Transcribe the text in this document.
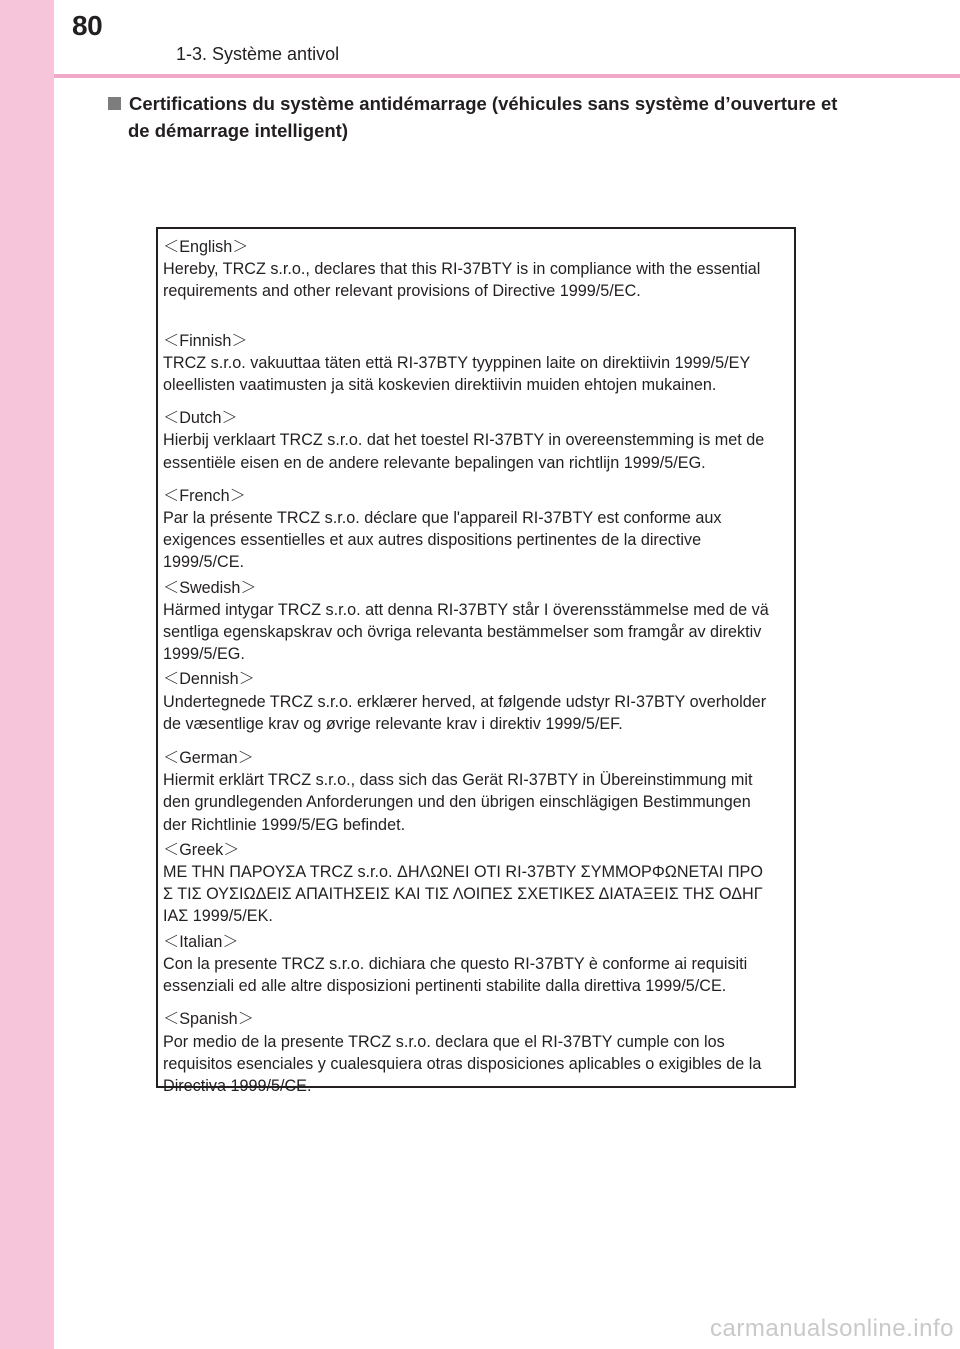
80
1-3. Système antivol
Certifications du système antidémarrage (véhicules sans système d’ouverture et
de démarrage intelligent)
＜ English ＞
Hereby, TRCZ s.r.o., declares that this RI-37BTY is in compliance with the essential
requirements and other relevant provisions of Directive 1999/5/EC.
＜ Finnish ＞
TRCZ s.r.o. vakuuttaa täten että RI-37BTY tyyppinen laite on direktiivin 1999/5/EY
oleellisten vaatimusten ja sitä koskevien direktiivin muiden ehtojen mukainen.
＜ Dutch ＞
Hierbij verklaart TRCZ s.r.o. dat het toestel RI-37BTY in overeenstemming is met de
essentiële eisen en de andere relevante bepalingen van richtlijn 1999/5/EG.
＜ French ＞
Par la présente TRCZ s.r.o. déclare que l'appareil RI-37BTY est conforme aux
exigences essentielles et aux autres dispositions pertinentes de la directive
1999/5/CE.
＜ Swedish ＞
Härmed intygar TRCZ s.r.o. att denna RI-37BTY står I överensstämmelse med de vä
sentliga egenskapskrav och övriga relevanta bestämmelser som framgår av direktiv
1999/5/EG.
＜ Dennish ＞
Undertegnede TRCZ s.r.o. erklærer herved, at følgende udstyr RI-37BTY overholder
de væsentlige krav og øvrige relevante krav i direktiv 1999/5/EF.
＜ German ＞
Hiermit erklärt TRCZ s.r.o., dass sich das Gerät RI-37BTY in Übereinstimmung mit
den grundlegenden Anforderungen und den übrigen einschlägigen Bestimmungen
der Richtlinie 1999/5/EG befindet.
＜ Greek ＞
ΜΕ ΤΗΝ ΠΑΡΟΥΣΑ TRCZ s.r.o. ΔΗΛΩΝΕΙ ΟΤΙ RI-37BTY ΣΥΜΜΟΡΦΩΝΕΤΑΙ ΠΡΟ
Σ ΤΙΣ ΟΥΣΙΩΔΕΙΣ ΑΠΑΙΤΗΣΕΙΣ ΚΑΙ ΤΙΣ ΛΟΙΠΕΣ ΣΧΕΤΙΚΕΣ ΔΙΑΤΑΞΕΙΣ ΤΗΣ ΟΔΗΓ
ΙΑΣ 1999/5/ΕΚ.
＜ Italian ＞
Con la presente TRCZ s.r.o. dichiara che questo RI-37BTY è conforme ai requisiti
essenziali ed alle altre disposizioni pertinenti stabilite dalla direttiva 1999/5/CE.
＜ Spanish ＞
Por medio de la presente TRCZ s.r.o. declara que el RI-37BTY cumple con los
requisitos esenciales y cualesquiera otras disposiciones aplicables o exigibles de la
Directiva 1999/5/CE.
carmanualsonline.info
